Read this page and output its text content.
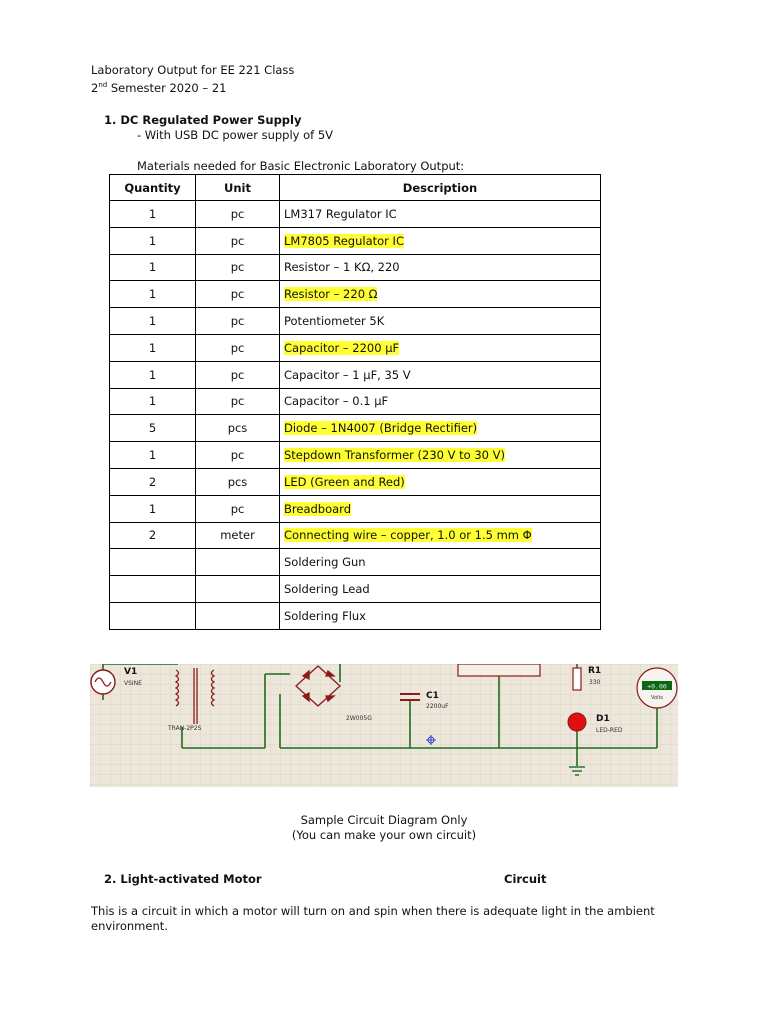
Laboratory Output for EE 221 Class
2nd Semester 2020 – 21
1. DC Regulated Power Supply
- With USB DC power supply of 5V
Materials needed for Basic Electronic Laboratory Output:
Quantity	Unit	Description
1	pc	LM317 Regulator IC
1	pc	LM7805 Regulator IC
1	pc	Resistor – 1 KΩ, 220
1	pc	Resistor – 220 Ω
1	pc	Potentiometer 5K
1	pc	Capacitor – 2200 µF
1	pc	Capacitor – 1 µF, 35 V
1	pc	Capacitor – 0.1 µF
5	pcs	Diode – 1N4007 (Bridge Rectifier)
1	pc	Stepdown Transformer (230 V to 30 V)
2	pcs	LED (Green and Red)
1	pc	Breadboard
2	meter	Connecting wire – copper, 1.0 or 1.5 mm Φ
		Soldering Gun
		Soldering Lead
		Soldering Flux
V1
VSINE
TRAN-2P2S
2W005G
C1
2200uF
R1
330
D1
LED-RED
+0.00
Volts
Sample Circuit Diagram Only
(You can make your own circuit)
2. Light-activated Motor	Circuit
This is a circuit in which a motor will turn on and spin when there is adequate light in the ambient
environment.
